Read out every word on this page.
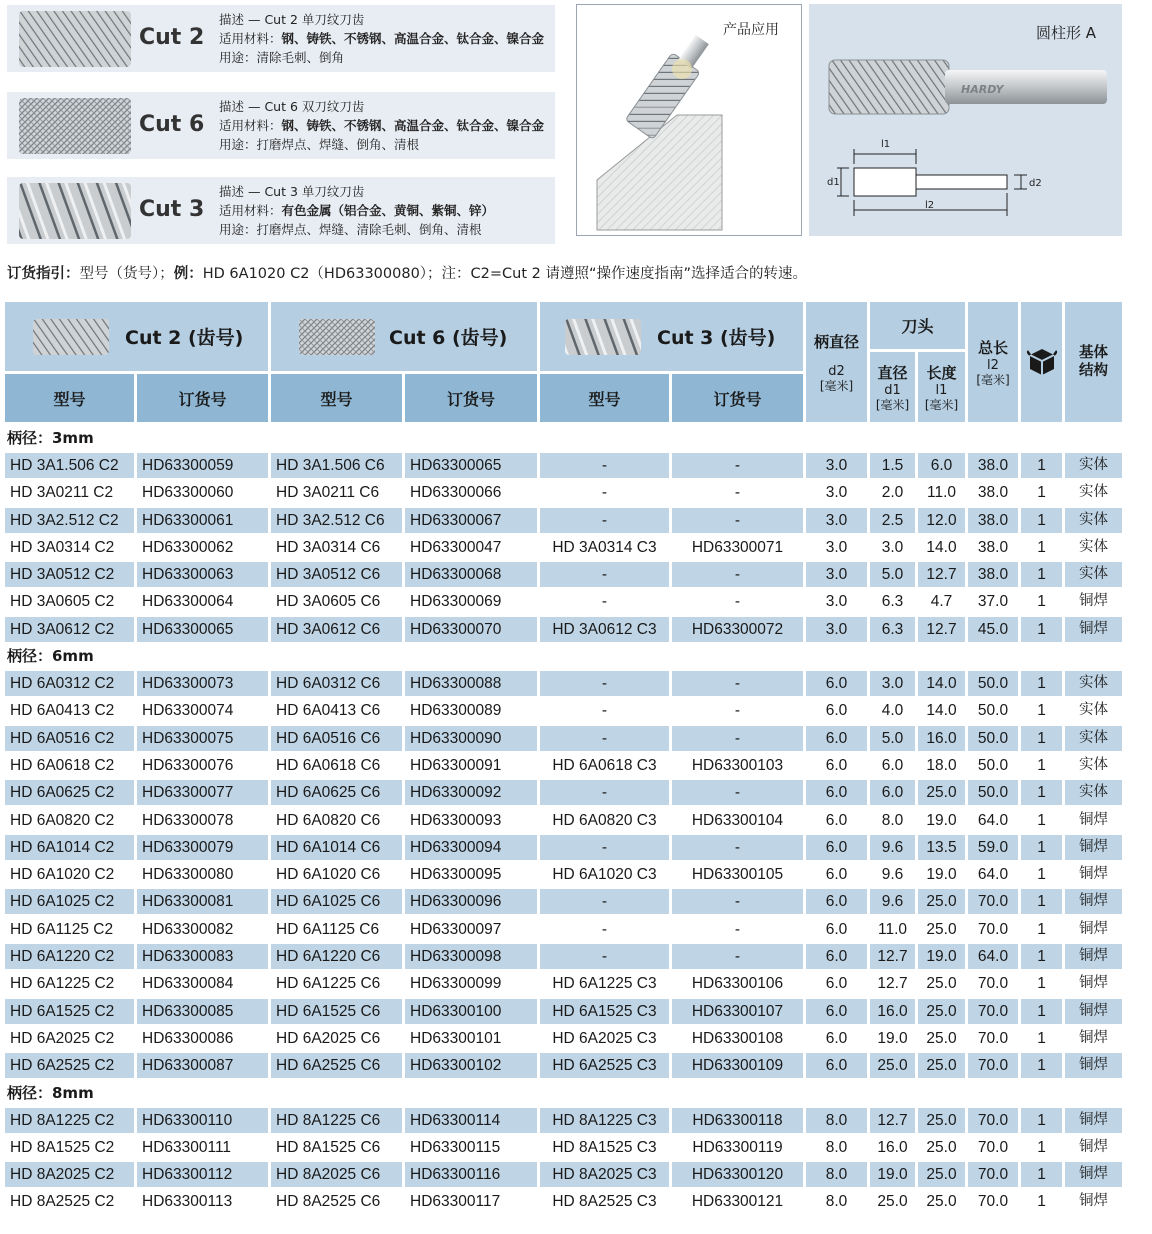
Cut 2
描述 — Cut 2 单刀纹刀齿
适用材料：钢、铸铁、不锈钢、高温合金、钛合金、镍合金
用途：清除毛刺、倒角
Cut 6
描述 — Cut 6 双刀纹刀齿
适用材料：钢、铸铁、不锈钢、高温合金、钛合金、镍合金
用途：打磨焊点、焊缝、倒角、清根
Cut 3
描述 — Cut 3 单刀纹刀齿
适用材料：有色金属（铝合金、黄铜、紫铜、锌）
用途：打磨焊点、焊缝、清除毛刺、倒角、清根
产品应用	圆柱形 A
HARDY
l1
l2
d1	d2
订货指引：型号（货号）；例：HD 6A1020 C2（HD63300080）；注：C2=Cut 2 请遵照“操作速度指南”选择适合的转速。
Cut 2 (齿号)	Cut 6 (齿号)	Cut 3 (齿号)
型号	订货号	型号	订货号	型号	订货号
柄直径
d2
[毫米]
刀头
直径
d1
[毫米]
长度
l1
[毫米]
总长
l2
[毫米]
基体结构
柄径：3mm
HD 3A1.506 C2	HD63300059	HD 3A1.506 C6	HD63300065	-	-	3.0	1.5	6.0	38.0	1	实体
HD 3A0211 C2	HD63300060	HD 3A0211 C6	HD63300066	-	-	3.0	2.0	11.0	38.0	1	实体
HD 3A2.512 C2	HD63300061	HD 3A2.512 C6	HD63300067	-	-	3.0	2.5	12.0	38.0	1	实体
HD 3A0314 C2	HD63300062	HD 3A0314 C6	HD63300047	HD 3A0314 C3	HD63300071	3.0	3.0	14.0	38.0	1	实体
HD 3A0512 C2	HD63300063	HD 3A0512 C6	HD63300068	-	-	3.0	5.0	12.7	38.0	1	实体
HD 3A0605 C2	HD63300064	HD 3A0605 C6	HD63300069	-	-	3.0	6.3	4.7	37.0	1	铜焊
HD 3A0612 C2	HD63300065	HD 3A0612 C6	HD63300070	HD 3A0612 C3	HD63300072	3.0	6.3	12.7	45.0	1	铜焊
柄径：6mm
HD 6A0312 C2	HD63300073	HD 6A0312 C6	HD63300088	-	-	6.0	3.0	14.0	50.0	1	实体
HD 6A0413 C2	HD63300074	HD 6A0413 C6	HD63300089	-	-	6.0	4.0	14.0	50.0	1	实体
HD 6A0516 C2	HD63300075	HD 6A0516 C6	HD63300090	-	-	6.0	5.0	16.0	50.0	1	实体
HD 6A0618 C2	HD63300076	HD 6A0618 C6	HD63300091	HD 6A0618 C3	HD63300103	6.0	6.0	18.0	50.0	1	实体
HD 6A0625 C2	HD63300077	HD 6A0625 C6	HD63300092	-	-	6.0	6.0	25.0	50.0	1	实体
HD 6A0820 C2	HD63300078	HD 6A0820 C6	HD63300093	HD 6A0820 C3	HD63300104	6.0	8.0	19.0	64.0	1	铜焊
HD 6A1014 C2	HD63300079	HD 6A1014 C6	HD63300094	-	-	6.0	9.6	13.5	59.0	1	铜焊
HD 6A1020 C2	HD63300080	HD 6A1020 C6	HD63300095	HD 6A1020 C3	HD63300105	6.0	9.6	19.0	64.0	1	铜焊
HD 6A1025 C2	HD63300081	HD 6A1025 C6	HD63300096	-	-	6.0	9.6	25.0	70.0	1	铜焊
HD 6A1125 C2	HD63300082	HD 6A1125 C6	HD63300097	-	-	6.0	11.0	25.0	70.0	1	铜焊
HD 6A1220 C2	HD63300083	HD 6A1220 C6	HD63300098	-	-	6.0	12.7	19.0	64.0	1	铜焊
HD 6A1225 C2	HD63300084	HD 6A1225 C6	HD63300099	HD 6A1225 C3	HD63300106	6.0	12.7	25.0	70.0	1	铜焊
HD 6A1525 C2	HD63300085	HD 6A1525 C6	HD63300100	HD 6A1525 C3	HD63300107	6.0	16.0	25.0	70.0	1	铜焊
HD 6A2025 C2	HD63300086	HD 6A2025 C6	HD63300101	HD 6A2025 C3	HD63300108	6.0	19.0	25.0	70.0	1	铜焊
HD 6A2525 C2	HD63300087	HD 6A2525 C6	HD63300102	HD 6A2525 C3	HD63300109	6.0	25.0	25.0	70.0	1	铜焊
柄径：8mm
HD 8A1225 C2	HD63300110	HD 8A1225 C6	HD63300114	HD 8A1225 C3	HD63300118	8.0	12.7	25.0	70.0	1	铜焊
HD 8A1525 C2	HD63300111	HD 8A1525 C6	HD63300115	HD 8A1525 C3	HD63300119	8.0	16.0	25.0	70.0	1	铜焊
HD 8A2025 C2	HD63300112	HD 8A2025 C6	HD63300116	HD 8A2025 C3	HD63300120	8.0	19.0	25.0	70.0	1	铜焊
HD 8A2525 C2	HD63300113	HD 8A2525 C6	HD63300117	HD 8A2525 C3	HD63300121	8.0	25.0	25.0	70.0	1	铜焊
